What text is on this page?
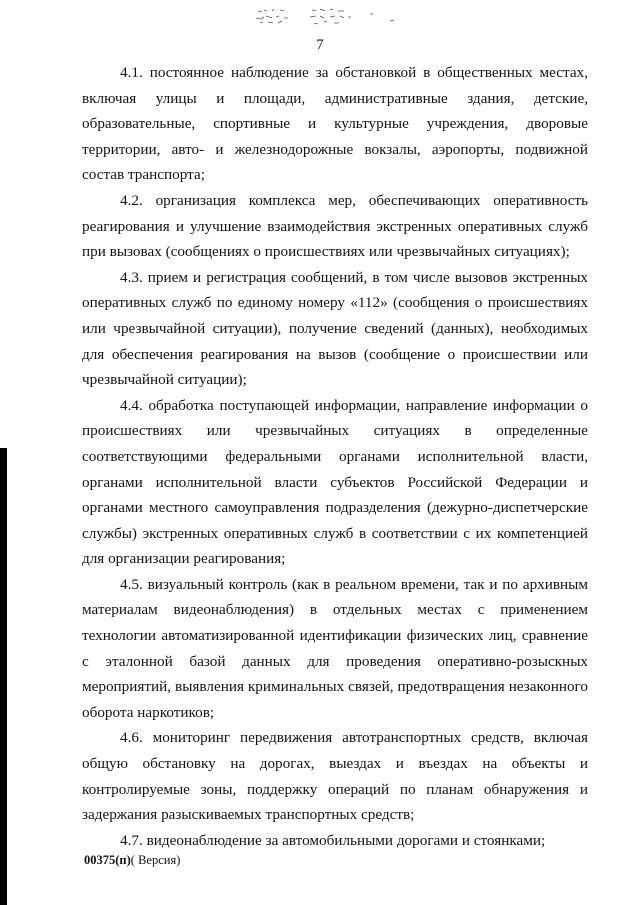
7

4.1. постоянное наблюдение за обстановкой в общественных местах, включая улицы и площади, административные здания, детские, образовательные, спортивные и культурные учреждения, дворовые территории, авто- и железнодорожные вокзалы, аэропорты, подвижной состав транспорта;

4.2. организация комплекса мер, обеспечивающих оперативность реагирования и улучшение взаимодействия экстренных оперативных служб при вызовах (сообщениях о происшествиях или чрезвычайных ситуациях);

4.3. прием и регистрация сообщений, в том числе вызовов экстренных оперативных служб по единому номеру «112» (сообщения о происшествиях или чрезвычайной ситуации), получение сведений (данных), необходимых для обеспечения реагирования на вызов (сообщение о происшествии или чрезвычайной ситуации);

4.4. обработка поступающей информации, направление информации о происшествиях или чрезвычайных ситуациях в определенные соответствующими федеральными органами исполнительной власти, органами исполнительной власти субъектов Российской Федерации и органами местного самоуправления подразделения (дежурно-диспетчерские службы) экстренных оперативных служб в соответствии с их компетенцией для организации реагирования;

4.5. визуальный контроль (как в реальном времени, так и по архивным материалам видеонаблюдения) в отдельных местах с применением технологии автоматизированной идентификации физических лиц, сравнение с эталонной базой данных для проведения оперативно-розыскных мероприятий, выявления криминальных связей, предотвращения незаконного оборота наркотиков;

4.6. мониторинг передвижения автотранспортных средств, включая общую обстановку на дорогах, выездах и въездах на объекты и контролируемые зоны, поддержку операций по планам обнаружения и задержания разыскиваемых транспортных средств;

4.7. видеонаблюдение за автомобильными дорогами и стоянками;

00375(п)( Версия)
